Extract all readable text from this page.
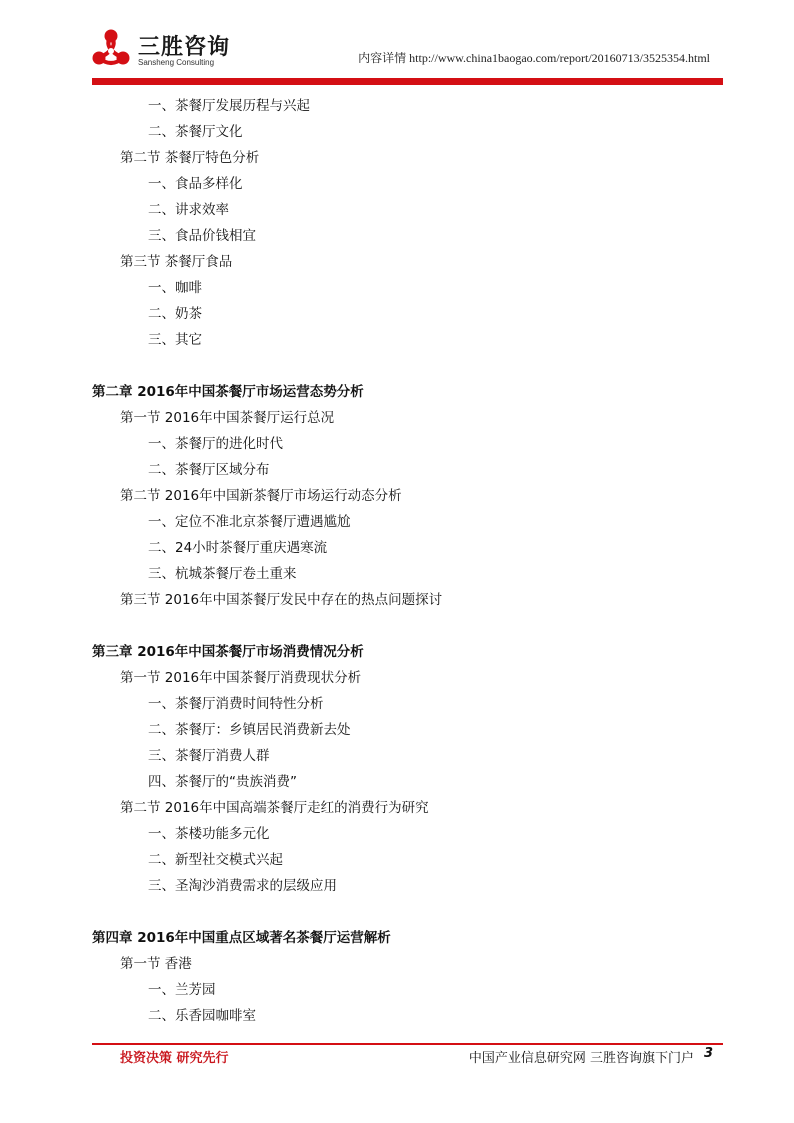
三胜咨询
Sansheng Consulting	内容详情 http://www.china1baogao.com/report/20160713/3525354.html
一、茶餐厅发展历程与兴起
二、茶餐厅文化
第二节 茶餐厅特色分析
一、食品多样化
二、讲求效率
三、食品价钱相宜
第三节 茶餐厅食品
一、咖啡
二、奶茶
三、其它
第二章 2016年中国茶餐厅市场运营态势分析
第一节 2016年中国茶餐厅运行总况
一、茶餐厅的进化时代
二、茶餐厅区域分布
第二节 2016年中国新茶餐厅市场运行动态分析
一、定位不准北京茶餐厅遭遇尴尬
二、24小时茶餐厅重庆遇寒流
三、杭城茶餐厅卷土重来
第三节 2016年中国茶餐厅发民中存在的热点问题探讨
第三章 2016年中国茶餐厅市场消费情况分析
第一节 2016年中国茶餐厅消费现状分析
一、茶餐厅消费时间特性分析
二、茶餐厅：乡镇居民消费新去处
三、茶餐厅消费人群
四、茶餐厅的“贵族消费”
第二节 2016年中国高端茶餐厅走红的消费行为研究
一、茶楼功能多元化
二、新型社交模式兴起
三、圣淘沙消费需求的层级应用
第四章 2016年中国重点区域著名茶餐厅运营解析
第一节 香港
一、兰芳园
二、乐香园咖啡室
投资决策 研究先行	中国产业信息研究网 三胜咨询旗下门户 3
